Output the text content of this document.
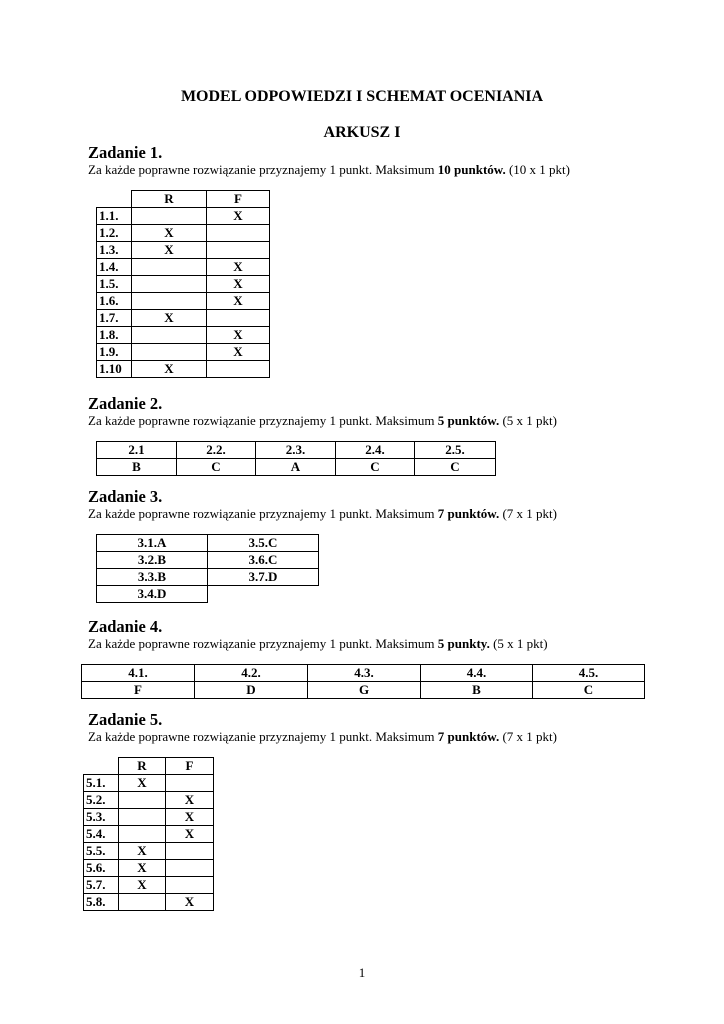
MODEL ODPOWIEDZI I SCHEMAT OCENIANIA
ARKUSZ I
Zadanie 1.
Za każde poprawne rozwiązanie przyznajemy 1 punkt. Maksimum 10 punktów. (10 x 1 pkt)
	R	F
1.1.		X
1.2.	X	
1.3.	X	
1.4.		X
1.5.		X
1.6.		X
1.7.	X	
1.8.		X
1.9.		X
1.10	X	
Zadanie 2.
Za każde poprawne rozwiązanie przyznajemy 1 punkt. Maksimum 5 punktów. (5 x 1 pkt)
2.1	2.2.	2.3.	2.4.	2.5.
B	C	A	C	C
Zadanie 3.
Za każde poprawne rozwiązanie przyznajemy 1 punkt. Maksimum 7 punktów. (7 x 1 pkt)
3.1.A	3.5.C
3.2.B	3.6.C
3.3.B	3.7.D
3.4.D	
Zadanie 4.
Za każde poprawne rozwiązanie przyznajemy 1 punkt. Maksimum 5 punkty. (5 x 1 pkt)
4.1.	4.2.	4.3.	4.4.	4.5.
F	D	G	B	C
Zadanie 5.
Za każde poprawne rozwiązanie przyznajemy 1 punkt. Maksimum 7 punktów. (7 x 1 pkt)
	R	F
5.1.	X	
5.2.		X
5.3.		X
5.4.		X
5.5.	X	
5.6.	X	
5.7.	X	
5.8.		X
1
